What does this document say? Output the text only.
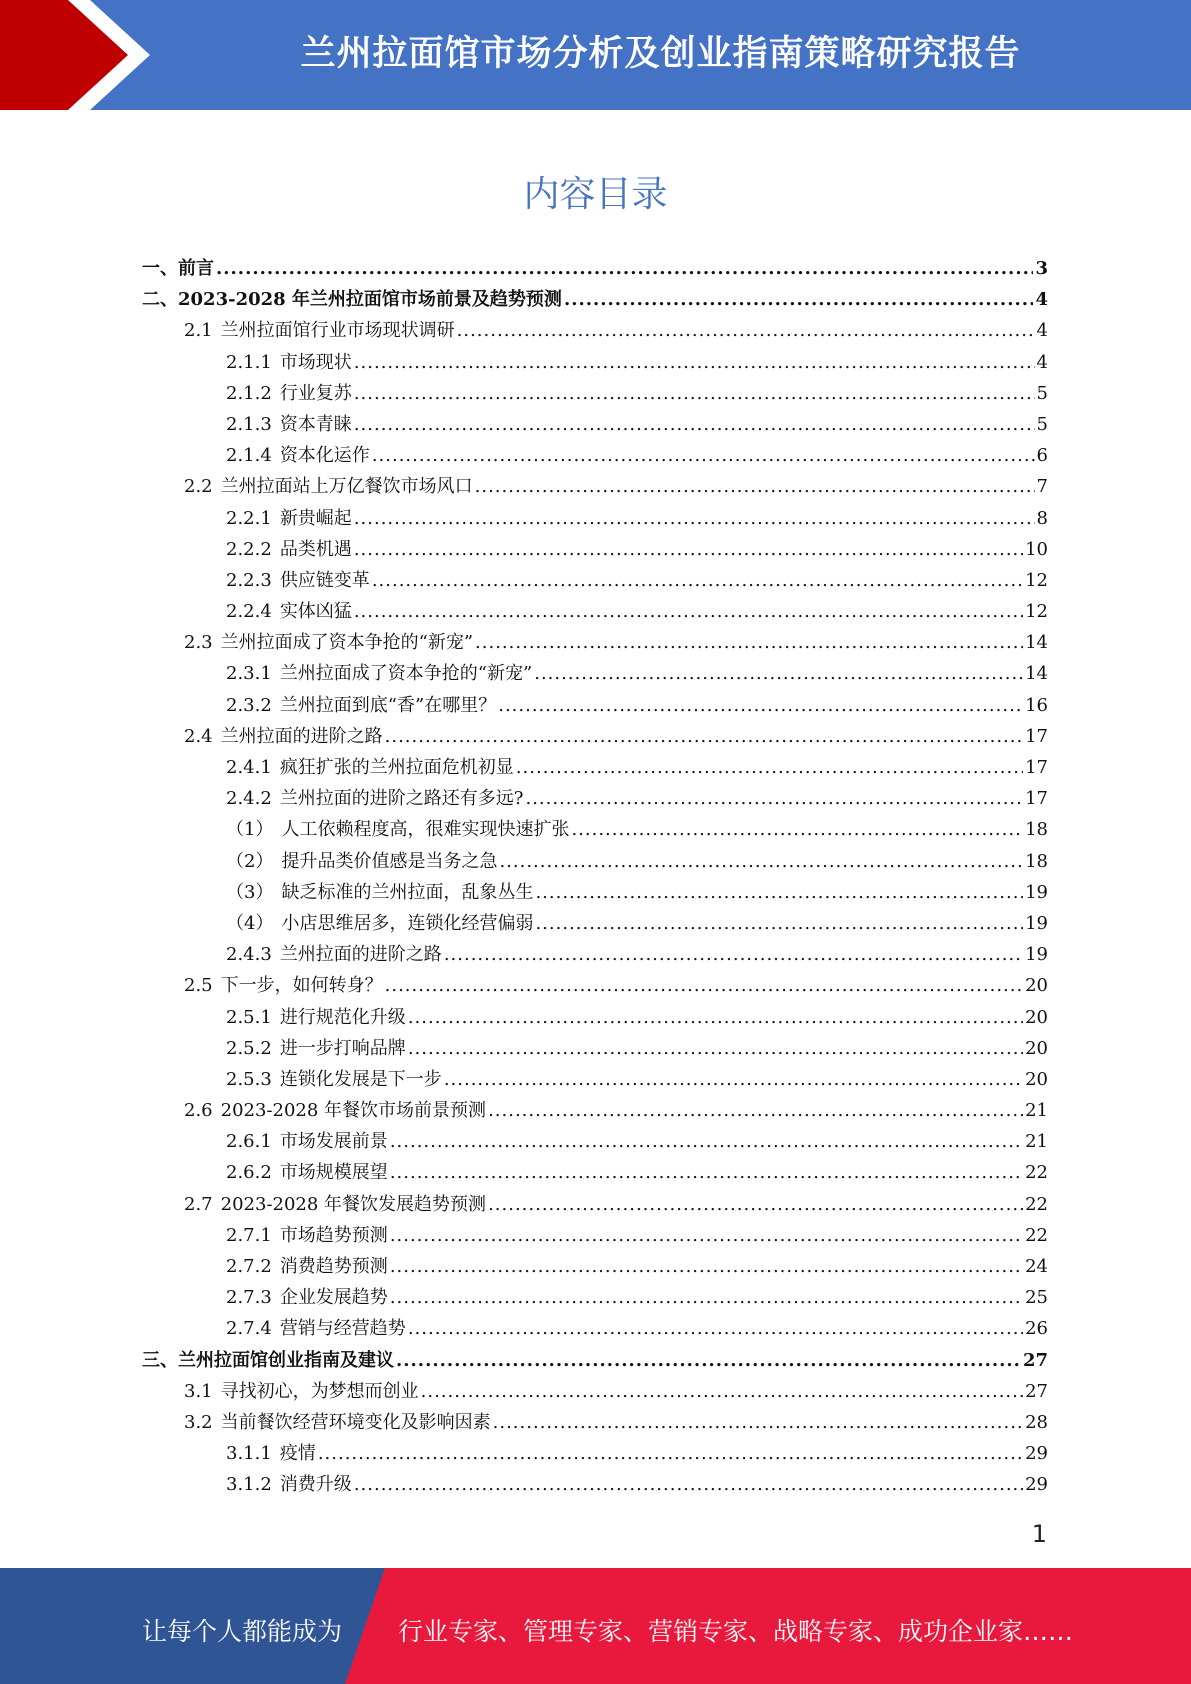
兰州拉面馆市场分析及创业指南策略研究报告
内容目录
一、 前言 .....	3
二、 2023-2028 年兰州拉面馆市场前景及趋势预测 .....	4
2.1 兰州拉面馆行业市场现状调研 .....	4
2.1.1 市场现状 .....	4
2.1.2 行业复苏 .....	5
2.1.3 资本青睐 .....	5
2.1.4 资本化运作 .....	6
2.2 兰州拉面站上万亿餐饮市场风口 .....	7
2.2.1 新贵崛起 .....	8
2.2.2 品类机遇 .....	10
2.2.3 供应链变革 .....	12
2.2.4 实体凶猛 .....	12
2.3 兰州拉面成了资本争抢的“新宠” .....	14
2.3.1 兰州拉面成了资本争抢的“新宠” .....	14
2.3.2 兰州拉面到底“香”在哪里？ .....	16
2.4 兰州拉面的进阶之路 .....	17
2.4.1 疯狂扩张的兰州拉面危机初显 .....	17
2.4.2 兰州拉面的进阶之路还有多远? .....	17
（1） 人工依赖程度高，很难实现快速扩张 .....	18
（2） 提升品类价值感是当务之急 .....	18
（3） 缺乏标准的兰州拉面，乱象丛生 .....	19
（4） 小店思维居多，连锁化经营偏弱 .....	19
2.4.3 兰州拉面的进阶之路 .....	19
2.5 下一步，如何转身？ .....	20
2.5.1 进行规范化升级 .....	20
2.5.2 进一步打响品牌 .....	20
2.5.3 连锁化发展是下一步 .....	20
2.6 2023-2028 年餐饮市场前景预测 .....	21
2.6.1 市场发展前景 .....	21
2.6.2 市场规模展望 .....	22
2.7 2023-2028 年餐饮发展趋势预测 .....	22
2.7.1 市场趋势预测 .....	22
2.7.2 消费趋势预测 .....	24
2.7.3 企业发展趋势 .....	25
2.7.4 营销与经营趋势 .....	26
三、 兰州拉面馆创业指南及建议 .....	27
3.1 寻找初心，为梦想而创业 .....	27
3.2 当前餐饮经营环境变化及影响因素 .....	28
3.1.1 疫情 .....	29
3.1.2 消费升级 .....	29
1
让每个人都能成为 行业专家、管理专家、营销专家、战略专家、成功企业家……
